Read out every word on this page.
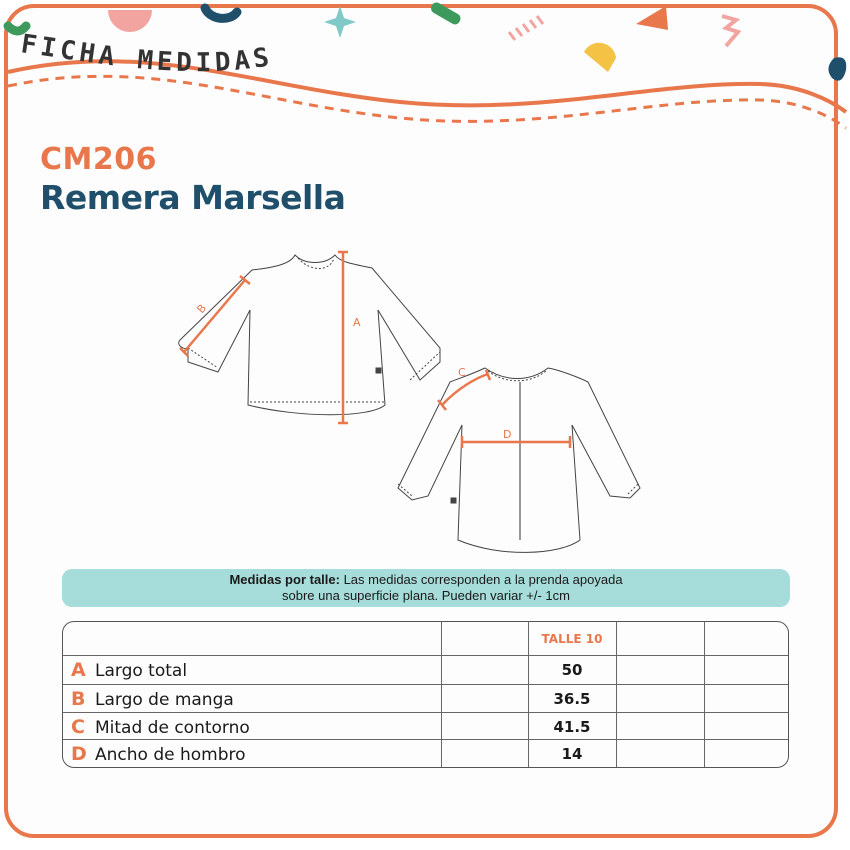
FICHA MEDIDAS
CM206
Remera Marsella
A
B
C
D
Medidas por talle: Las medidas corresponden a la prenda apoyada
sobre una superficie plana. Pueden variar +/- 1cm
TALLE 10
A Largo total	50
B Largo de manga	36.5
C Mitad de contorno	41.5
D Ancho de hombro	14
